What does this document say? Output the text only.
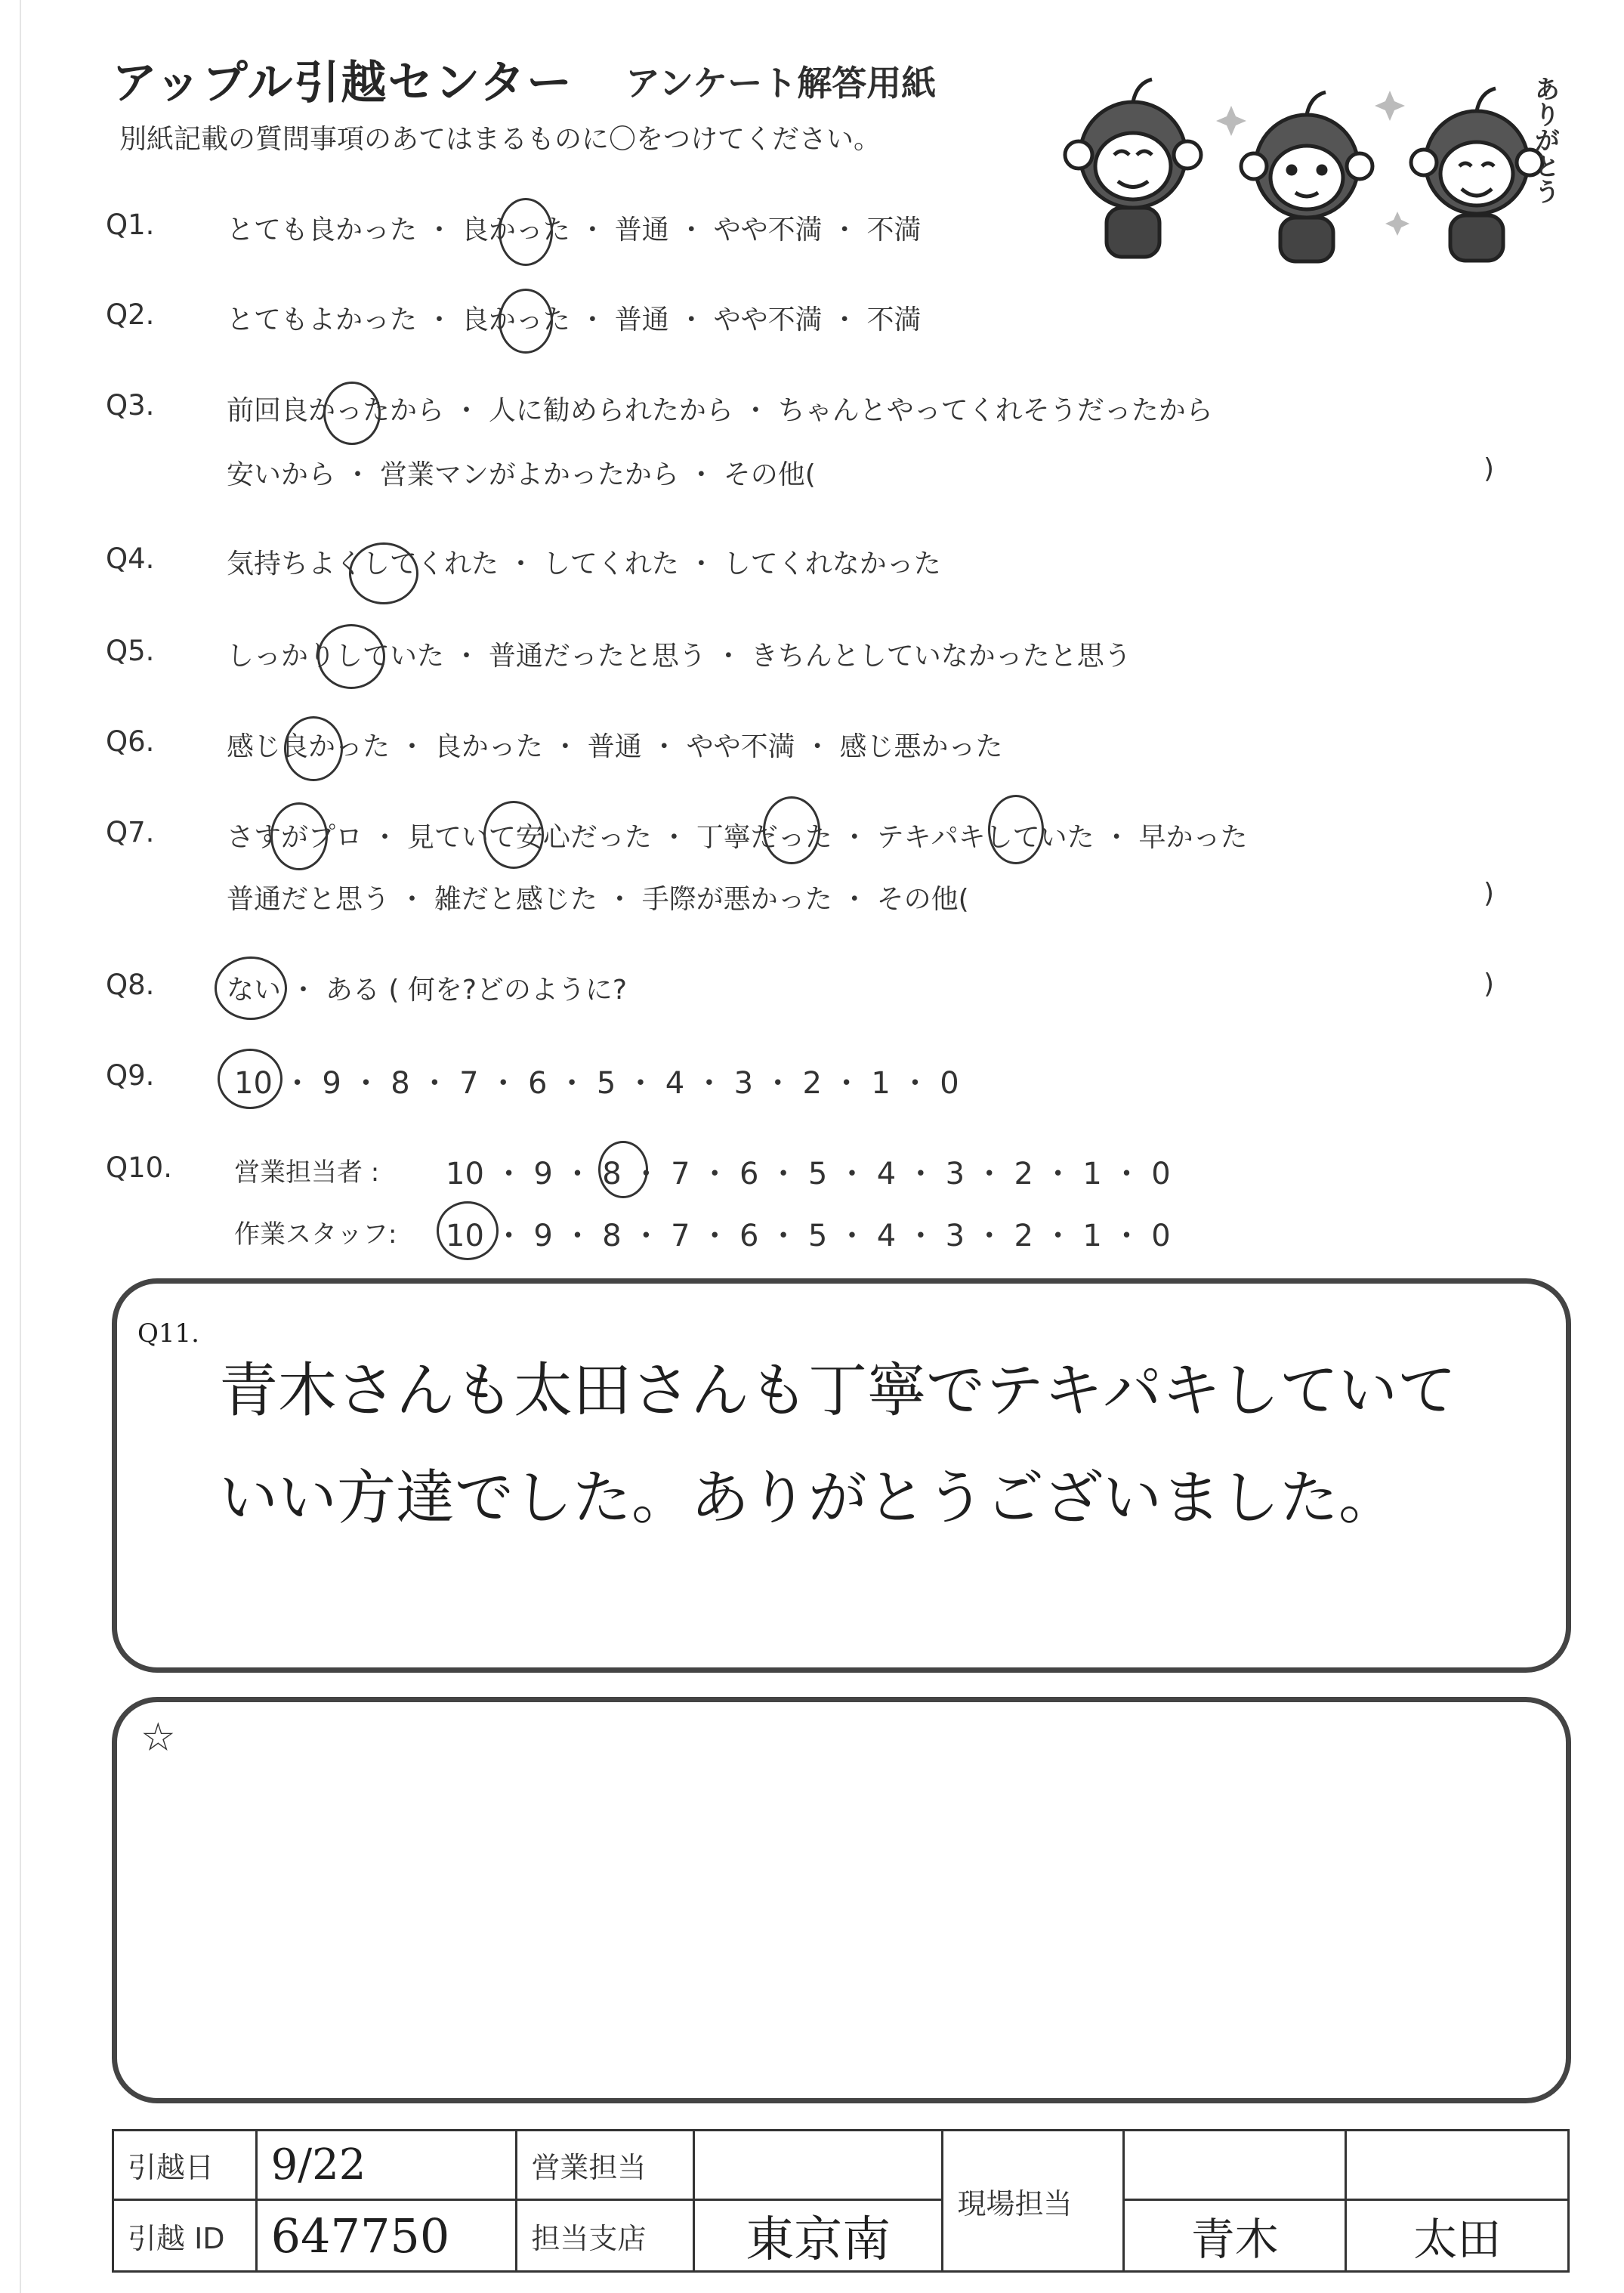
アップル引越センター アンケート解答用紙
別紙記載の質問事項のあてはまるものに〇をつけてください。	ありがとう
Q1.	とても良かった ・ 良かった ・ 普通 ・ やや不満 ・ 不満
Q2.	とてもよかった ・ 良かった ・ 普通 ・ やや不満 ・ 不満
Q3.	前回良かったから ・ 人に勧められたから ・ ちゃんとやってくれそうだったから
安いから ・ 営業マンがよかったから ・ その他(	)
Q4.	気持ちよくしてくれた ・ してくれた ・ してくれなかった
Q5.	しっかりしていた ・ 普通だったと思う ・ きちんとしていなかったと思う
Q6.	感じ良かった ・ 良かった ・ 普通 ・ やや不満 ・ 感じ悪かった
Q7.	さすがプロ ・ 見ていて安心だった ・ 丁寧だった ・ テキパキしていた ・ 早かった
普通だと思う ・ 雑だと感じた ・ 手際が悪かった ・ その他(	)
Q8.	ない ・ ある ( 何を?どのように?	)
Q9.	10 ・ 9 ・ 8 ・ 7 ・ 6 ・ 5 ・ 4 ・ 3 ・ 2 ・ 1 ・ 0
Q10. 営業担当者 : 10 ・ 9 ・ 8 ・ 7 ・ 6 ・ 5 ・ 4 ・ 3 ・ 2 ・ 1 ・ 0
作業スタッフ: 10 ・ 9 ・ 8 ・ 7 ・ 6 ・ 5 ・ 4 ・ 3 ・ 2 ・ 1 ・ 0
Q11.
青木さんも太田さんも丁寧でテキパキしていて
いい方達でした。ありがとうございました。
☆
引越日	9/22	営業担当		現場担当		
引越 ID	647750	担当支店	東京南		青木	太田
